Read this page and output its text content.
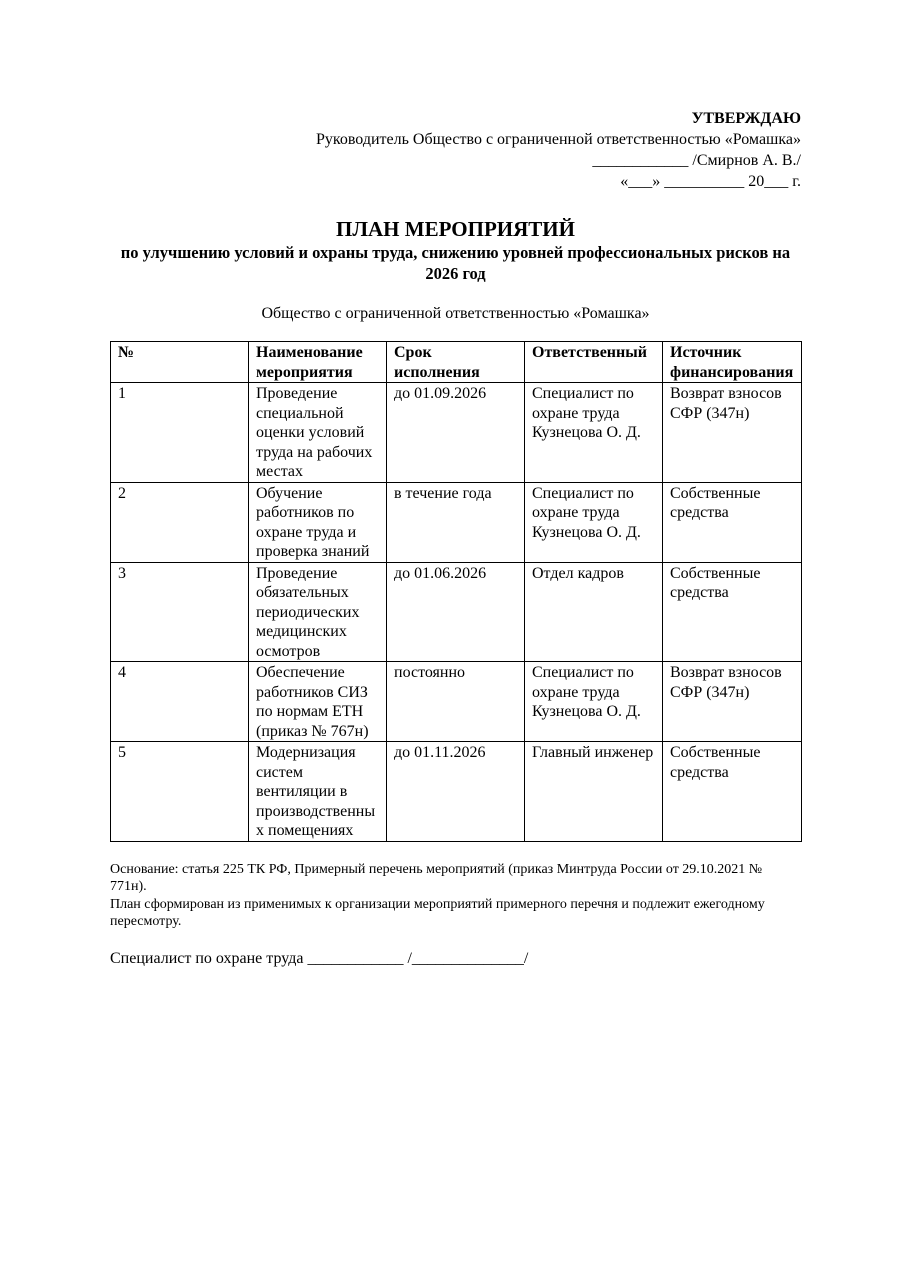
УТВЕРЖДАЮ
Руководитель Общество с ограниченной ответственностью «Ромашка»
____________ /Смирнов А. В./
«___» __________ 20___ г.
ПЛАН МЕРОПРИЯТИЙ
по улучшению условий и охраны труда, снижению уровней профессиональных рисков на 2026 год
Общество с ограниченной ответственностью «Ромашка»
№	Наименование мероприятия	Срок исполнения	Ответственный	Источник финансирования
1	Проведение специальной оценки условий труда на рабочих местах	до 01.09.2026	Специалист по охране труда Кузнецова О. Д.	Возврат взносов СФР (347н)
2	Обучение работников по охране труда и проверка знаний	в течение года	Специалист по охране труда Кузнецова О. Д.	Собственные средства
3	Проведение обязательных периодических медицинских осмотров	до 01.06.2026	Отдел кадров	Собственные средства
4	Обеспечение работников СИЗ по нормам ЕТН (приказ № 767н)	постоянно	Специалист по охране труда Кузнецова О. Д.	Возврат взносов СФР (347н)
5	Модернизация систем вентиляции в производственных помещениях	до 01.11.2026	Главный инженер	Собственные средства
Основание: статья 225 ТК РФ, Примерный перечень мероприятий (приказ Минтруда России от 29.10.2021 № 771н).
План сформирован из применимых к организации мероприятий примерного перечня и подлежит ежегодному пересмотру.
Специалист по охране труда ____________ /______________/
